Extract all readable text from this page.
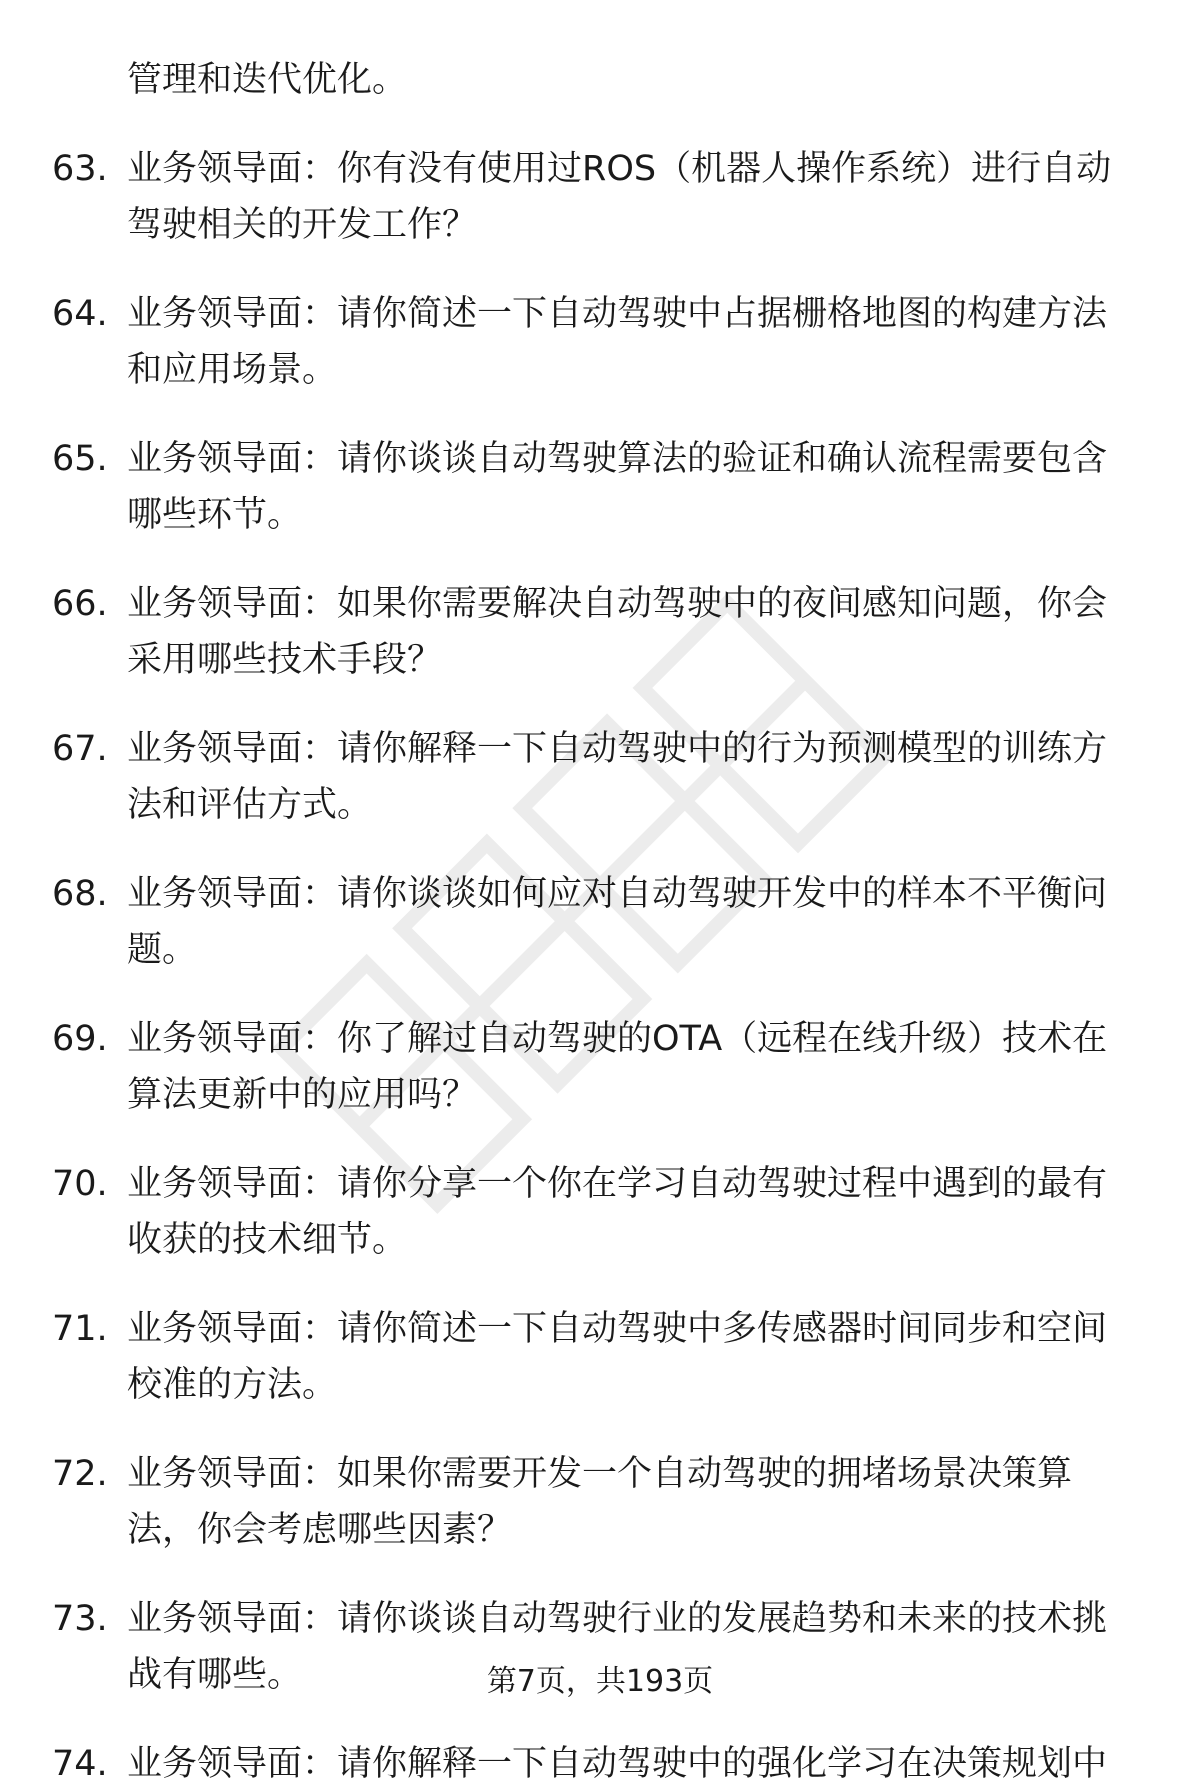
管理和迭代优化。
63. 业务领导面：你有没有使用过ROS（机器人操作系统）进行自动驾驶相关的开发工作？
64. 业务领导面：请你简述一下自动驾驶中占据栅格地图的构建方法和应用场景。
65. 业务领导面：请你谈谈自动驾驶算法的验证和确认流程需要包含哪些环节。
66. 业务领导面：如果你需要解决自动驾驶中的夜间感知问题，你会采用哪些技术手段？
67. 业务领导面：请你解释一下自动驾驶中的行为预测模型的训练方法和评估方式。
68. 业务领导面：请你谈谈如何应对自动驾驶开发中的样本不平衡问题。
69. 业务领导面：你了解过自动驾驶的OTA（远程在线升级）技术在算法更新中的应用吗？
70. 业务领导面：请你分享一个你在学习自动驾驶过程中遇到的最有收获的技术细节。
71. 业务领导面：请你简述一下自动驾驶中多传感器时间同步和空间校准的方法。
72. 业务领导面：如果你需要开发一个自动驾驶的拥堵场景决策算法，你会考虑哪些因素？
73. 业务领导面：请你谈谈自动驾驶行业的发展趋势和未来的技术挑战有哪些。
74. 业务领导面：请你解释一下自动驾驶中的强化学习在决策规划中
第7页，共193页
